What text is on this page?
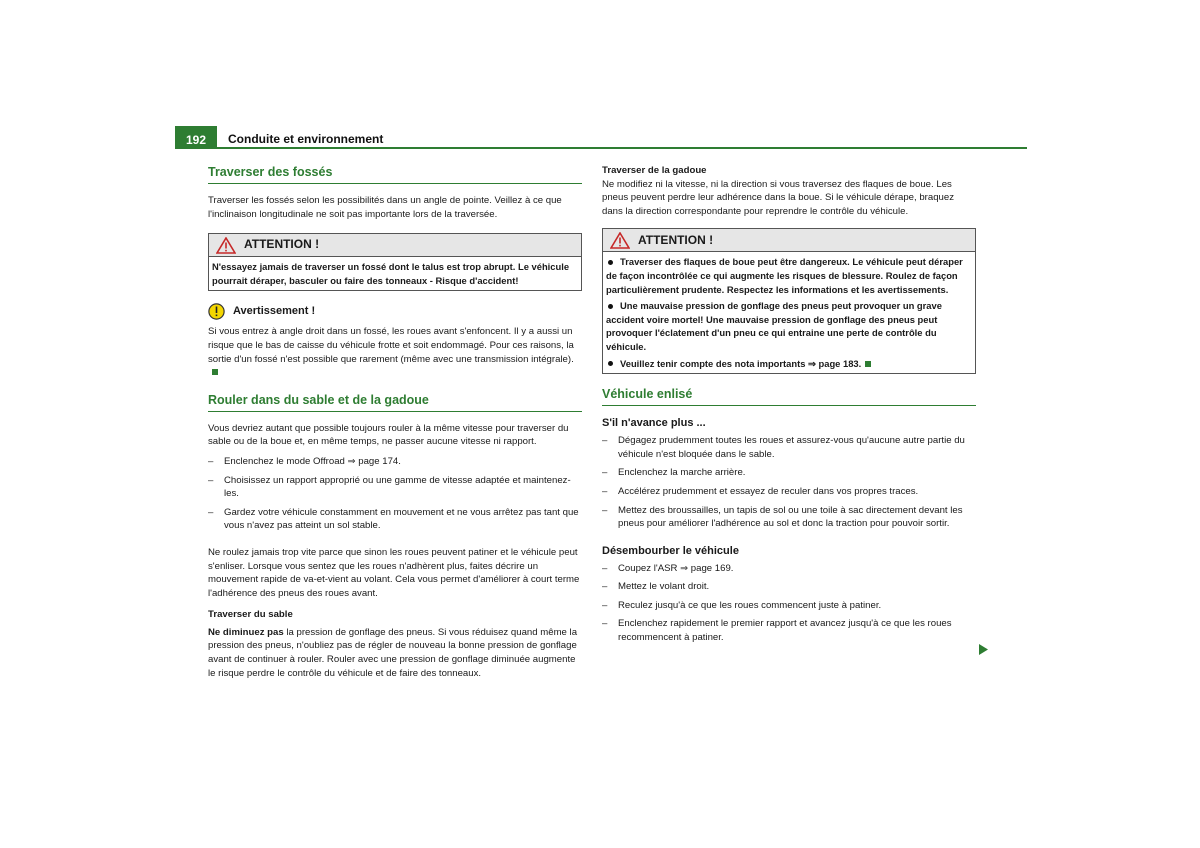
192	Conduite et environnement
Traverser des fossés

Traverser les fossés selon les possibilités dans un angle de pointe. Veillez à ce que l'inclinaison longitudinale ne soit pas importante lors de la traversée.

ATTENTION !
N'essayez jamais de traverser un fossé dont le talus est trop abrupt. Le véhicule pourrait déraper, basculer ou faire des tonneaux - Risque d'accident!
Avertissement !

Si vous entrez à angle droit dans un fossé, les roues avant s'enfoncent. Il y a aussi un risque que le bas de caisse du véhicule frotte et soit endommagé. Pour ces raisons, la sortie d'un fossé n'est possible que rarement (même avec une transmission intégrale).

Rouler dans du sable et de la gadoue

Vous devriez autant que possible toujours rouler à la même vitesse pour traverser du sable ou de la boue et, en même temps, ne passer aucune vitesse ni rapport.

–	Enclenchez le mode Offroad ⇒ page 174.
–	Choisissez un rapport approprié ou une gamme de vitesse adaptée et maintenez-les.
–	Gardez votre véhicule constamment en mouvement et ne vous arrêtez pas tant que vous n'avez pas atteint un sol stable.

Ne roulez jamais trop vite parce que sinon les roues peuvent patiner et le véhicule peut s'enliser. Lorsque vous sentez que les roues n'adhèrent plus, faites décrire un mouvement rapide de va-et-vient au volant. Cela vous permet d'améliorer à court terme l'adhérence des pneus des roues avant.

Traverser du sable

Ne diminuez pas la pression de gonflage des pneus. Si vous réduisez quand même la pression des pneus, n'oubliez pas de régler de nouveau la bonne pression de gonflage avant de continuer à rouler. Rouler avec une pression de gonflage diminuée augmente le risque perdre le contrôle du véhicule et de faire des tonneaux.

Traverser de la gadoue

Ne modifiez ni la vitesse, ni la direction si vous traversez des flaques de boue. Les pneus peuvent perdre leur adhérence dans la boue. Si le véhicule dérape, braquez dans la direction correspondante pour reprendre le contrôle du véhicule.

ATTENTION !
Traverser des flaques de boue peut être dangereux. Le véhicule peut déraper de façon incontrôlée ce qui augmente les risques de blessure. Roulez de façon particulièrement prudente. Respectez les informations et les avertissements.
Une mauvaise pression de gonflage des pneus peut provoquer un grave accident voire mortel! Une mauvaise pression de gonflage des pneus peut provoquer l'éclatement d'un pneu ce qui entraine une perte de contrôle du véhicule.
Veuillez tenir compte des nota importants ⇒ page 183.
Véhicule enlisé
S'il n'avance plus ...
–	Dégagez prudemment toutes les roues et assurez-vous qu'aucune autre partie du véhicule n'est bloquée dans le sable.
–	Enclenchez la marche arrière.
–	Accélérez prudemment et essayez de reculer dans vos propres traces.
–	Mettez des broussailles, un tapis de sol ou une toile à sac directement devant les pneus pour améliorer l'adhérence au sol et donc la traction pour pouvoir sortir.
Désembourber le véhicule
–	Coupez l'ASR ⇒ page 169.
–	Mettez le volant droit.
–	Reculez jusqu'à ce que les roues commencent juste à patiner.
–	Enclenchez rapidement le premier rapport et avancez jusqu'à ce que les roues recommencent à patiner.
